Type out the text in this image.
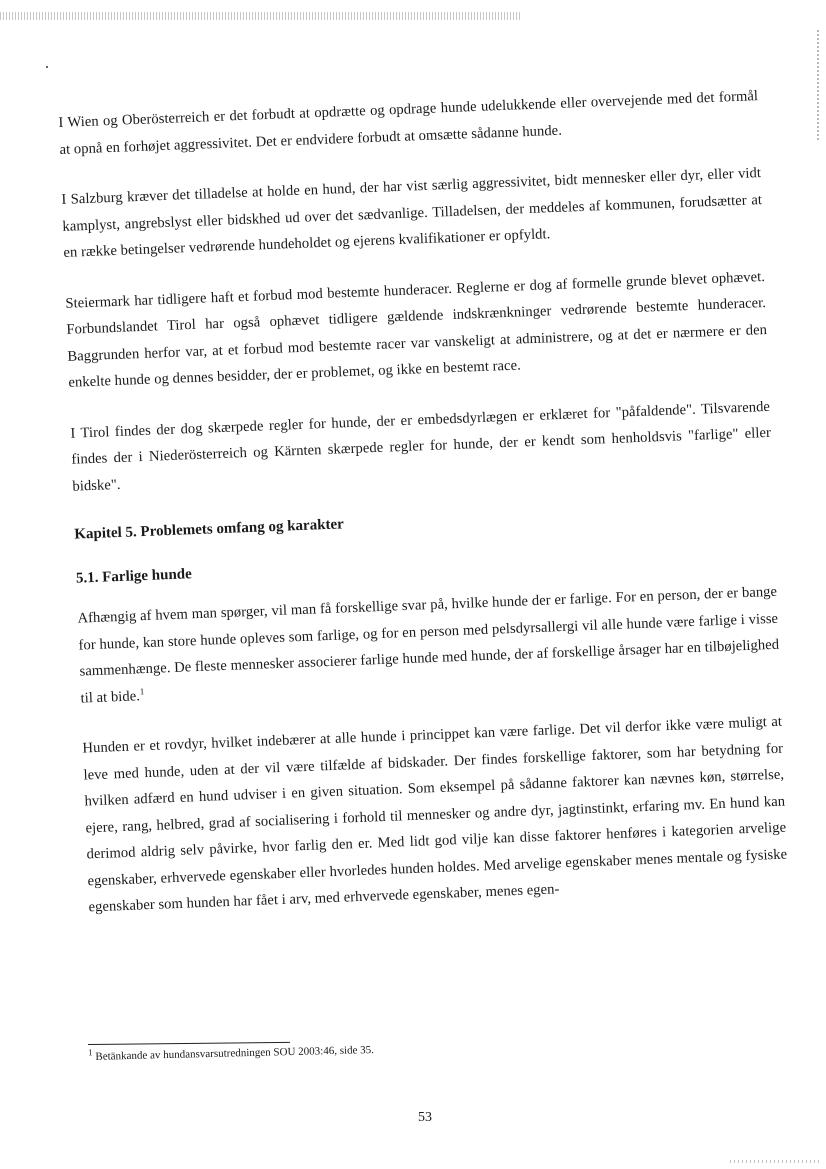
I Wien og Oberösterreich er det forbudt at opdrætte og opdrage hunde udelukkende eller overvejende med det formål at opnå en forhøjet aggressivitet. Det er endvidere forbudt at omsætte sådanne hunde.

I Salzburg kræver det tilladelse at holde en hund, der har vist særlig aggressivitet, bidt mennesker eller dyr, eller vidt kamplyst, angrebslyst eller bidskhed ud over det sædvanlige. Tilladelsen, der meddeles af kommunen, forudsætter at en række betingelser vedrørende hundeholdet og ejerens kvalifikationer er opfyldt.

Steiermark har tidligere haft et forbud mod bestemte hunderacer. Reglerne er dog af formelle grunde blevet ophævet. Forbundslandet Tirol har også ophævet tidligere gældende indskrænkninger vedrørende bestemte hunderacer. Baggrunden herfor var, at et forbud mod bestemte racer var vanskeligt at administrere, og at det er nærmere er den enkelte hunde og dennes besidder, der er problemet, og ikke en bestemt race.

I Tirol findes der dog skærpede regler for hunde, der er embedsdyrlægen er erklæret for "påfaldende". Tilsvarende findes der i Niederösterreich og Kärnten skærpede regler for hunde, der er kendt som henholdsvis "farlige" eller bidske".

Kapitel 5. Problemets omfang og karakter
5.1. Farlige hunde

Afhængig af hvem man spørger, vil man få forskellige svar på, hvilke hunde der er farlige. For en person, der er bange for hunde, kan store hunde opleves som farlige, og for en person med pelsdyrsallergi vil alle hunde være farlige i visse sammenhænge. De fleste mennesker associerer farlige hunde med hunde, der af forskellige årsager har en tilbøjelighed til at bide.$^1$

Hunden er et rovdyr, hvilket indebærer at alle hunde i princippet kan være farlige. Det vil derfor ikke være muligt at leve med hunde, uden at der vil være tilfælde af bidskader. Der findes forskellige faktorer, som har betydning for hvilken adfærd en hund udviser i en given situation. Som eksempel på sådanne faktorer kan nævnes køn, størrelse, ejere, rang, helbred, grad af socialisering i forhold til mennesker og andre dyr, jagtinstinkt, erfaring mv. En hund kan derimod aldrig selv påvirke, hvor farlig den er. Med lidt god vilje kan disse faktorer henføres i kategorien arvelige egenskaber, erhvervede egenskaber eller hvorledes hunden holdes. Med arvelige egenskaber menes mentale og fysiske egenskaber som hunden har fået i arv, med erhvervede egenskaber, menes egen-

$^1$ Betänkande av hundansvarsutredningen SOU 2003:46, side 35.
53
